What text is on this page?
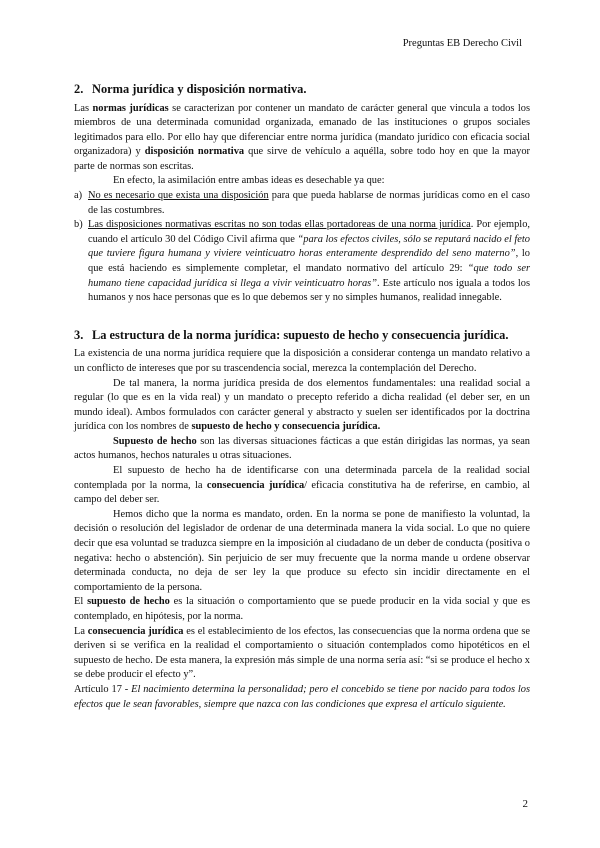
Preguntas EB Derecho Civil
2. Norma jurídica y disposición normativa.

Las normas jurídicas se caracterizan por contener un mandato de carácter general que vincula a todos los miembros de una determinada comunidad organizada, emanado de las instituciones o grupos sociales legitimados para ello. Por ello hay que diferenciar entre norma jurídica (mandato jurídico con eficacia social organizadora) y disposición normativa que sirve de vehículo a aquélla, sobre todo hoy en que la mayor parte de normas son escritas.

En efecto, la asimilación entre ambas ideas es desechable ya que:

a) No es necesario que exista una disposición para que pueda hablarse de normas jurídicas como en el caso de las costumbres.
b) Las disposiciones normativas escritas no son todas ellas portadoreas de una norma jurídica. Por ejemplo, cuando el artículo 30 del Código Civil afirma que “para los efectos civiles, sólo se reputará nacido el feto que tuviere figura humana y viviere veinticuatro horas enteramente desprendido del seno materno”, lo que está haciendo es simplemente completar, el mandato normativo del artículo 29: “que todo ser humano tiene capacidad jurídica si llega a vivir veinticuatro horas”. Este artículo nos iguala a todos los humanos y nos hace personas que es lo que debemos ser y no simples humanos, realidad innegable.
3. La estructura de la norma jurídica: supuesto de hecho y consecuencia jurídica.

La existencia de una norma jurídica requiere que la disposición a considerar contenga un mandato relativo a un conflicto de intereses que por su trascendencia social, merezca la contemplación del Derecho.

De tal manera, la norma jurídica presida de dos elementos fundamentales: una realidad social a regular (lo que es en la vida real) y un mandato o precepto referido a dicha realidad (el deber ser, en un mundo ideal). Ambos formulados con carácter general y abstracto y suelen ser identificados por la doctrina jurídica con los nombres de supuesto de hecho y consecuencia jurídica.

Supuesto de hecho son las diversas situaciones fácticas a que están dirigidas las normas, ya sean actos humanos, hechos naturales u otras situaciones.

El supuesto de hecho ha de identificarse con una determinada parcela de la realidad social contemplada por la norma, la consecuencia jurídica/ eficacia constitutiva ha de referirse, en cambio, al campo del deber ser.

Hemos dicho que la norma es mandato, orden. En la norma se pone de manifiesto la voluntad, la decisión o resolución del legislador de ordenar de una determinada manera la vida social. Lo que no quiere decir que esa voluntad se traduzca siempre en la imposición al ciudadano de un deber de conducta (positiva o negativa: hecho o abstención). Sin perjuicio de ser muy frecuente que la norma mande u ordene observar determinada conducta, no deja de ser ley la que produce su efecto sin incidir directamente en el comportamiento de la persona.

El supuesto de hecho es la situación o comportamiento que se puede producir en la vida social y que es contemplado, en hipótesis, por la norma.

La consecuencia jurídica es el establecimiento de los efectos, las consecuencias que la norma ordena que se deriven si se verifica en la realidad el comportamiento o situación contemplados como hipotéticos en el supuesto de hecho. De esta manera, la expresión más simple de una norma sería así: “si se produce el hecho x se debe producir el efecto y”.

Artículo 17 - El nacimiento determina la personalidad; pero el concebido se tiene por nacido para todos los efectos que le sean favorables, siempre que nazca con las condiciones que expresa el artículo siguiente.

2
